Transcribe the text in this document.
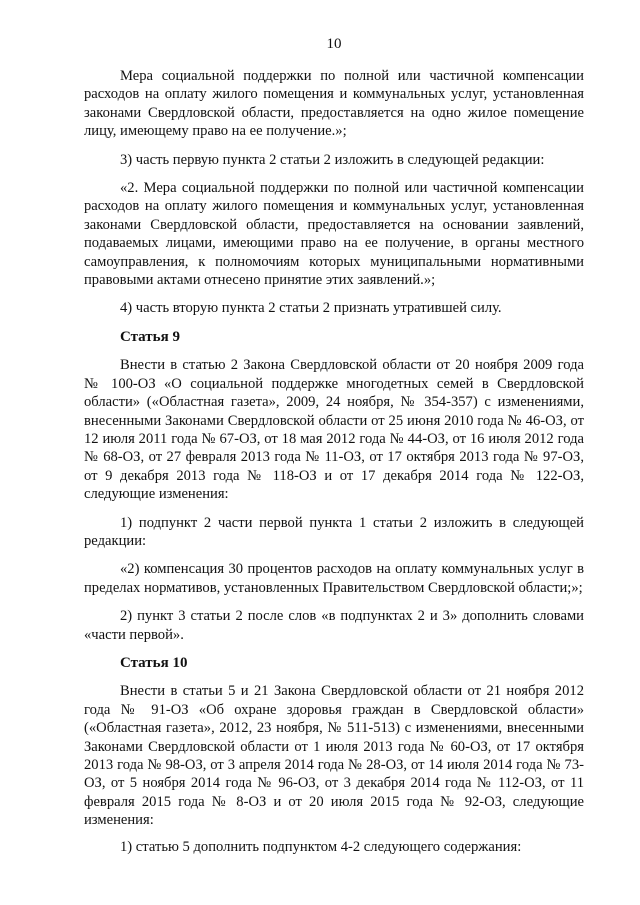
10

Мера социальной поддержки по полной или частичной компенсации расходов на оплату жилого помещения и коммунальных услуг, установленная законами Свердловской области, предоставляется на одно жилое помещение лицу, имеющему право на ее получение.»;

3) часть первую пункта 2 статьи 2 изложить в следующей редакции:

«2. Мера социальной поддержки по полной или частичной компенсации расходов на оплату жилого помещения и коммунальных услуг, установленная законами Свердловской области, предоставляется на основании заявлений, подаваемых лицами, имеющими право на ее получение, в органы местного самоуправления, к полномочиям которых муниципальными нормативными правовыми актами отнесено принятие этих заявлений.»;

4) часть вторую пункта 2 статьи 2 признать утратившей силу.

Статья 9

Внести в статью 2 Закона Свердловской области от 20 ноября 2009 года № 100-ОЗ «О социальной поддержке многодетных семей в Свердловской области» («Областная газета», 2009, 24 ноября, № 354-357) с изменениями, внесенными Законами Свердловской области от 25 июня 2010 года № 46-ОЗ, от 12 июля 2011 года № 67-ОЗ, от 18 мая 2012 года № 44-ОЗ, от 16 июля 2012 года № 68-ОЗ, от 27 февраля 2013 года № 11-ОЗ, от 17 октября 2013 года № 97-ОЗ, от 9 декабря 2013 года № 118-ОЗ и от 17 декабря 2014 года № 122-ОЗ, следующие изменения:

1) подпункт 2 части первой пункта 1 статьи 2 изложить в следующей редакции:

«2) компенсация 30 процентов расходов на оплату коммунальных услуг в пределах нормативов, установленных Правительством Свердловской области;»;

2) пункт 3 статьи 2 после слов «в подпунктах 2 и 3» дополнить словами «части первой».

Статья 10

Внести в статьи 5 и 21 Закона Свердловской области от 21 ноября 2012 года № 91-ОЗ «Об охране здоровья граждан в Свердловской области» («Областная газета», 2012, 23 ноября, № 511-513) с изменениями, внесенными Законами Свердловской области от 1 июля 2013 года № 60-ОЗ, от 17 октября 2013 года № 98-ОЗ, от 3 апреля 2014 года № 28-ОЗ, от 14 июля 2014 года № 73-ОЗ, от 5 ноября 2014 года № 96-ОЗ, от 3 декабря 2014 года № 112-ОЗ, от 11 февраля 2015 года № 8-ОЗ и от 20 июля 2015 года № 92-ОЗ, следующие изменения:

1) статью 5 дополнить подпунктом 4-2 следующего содержания:
